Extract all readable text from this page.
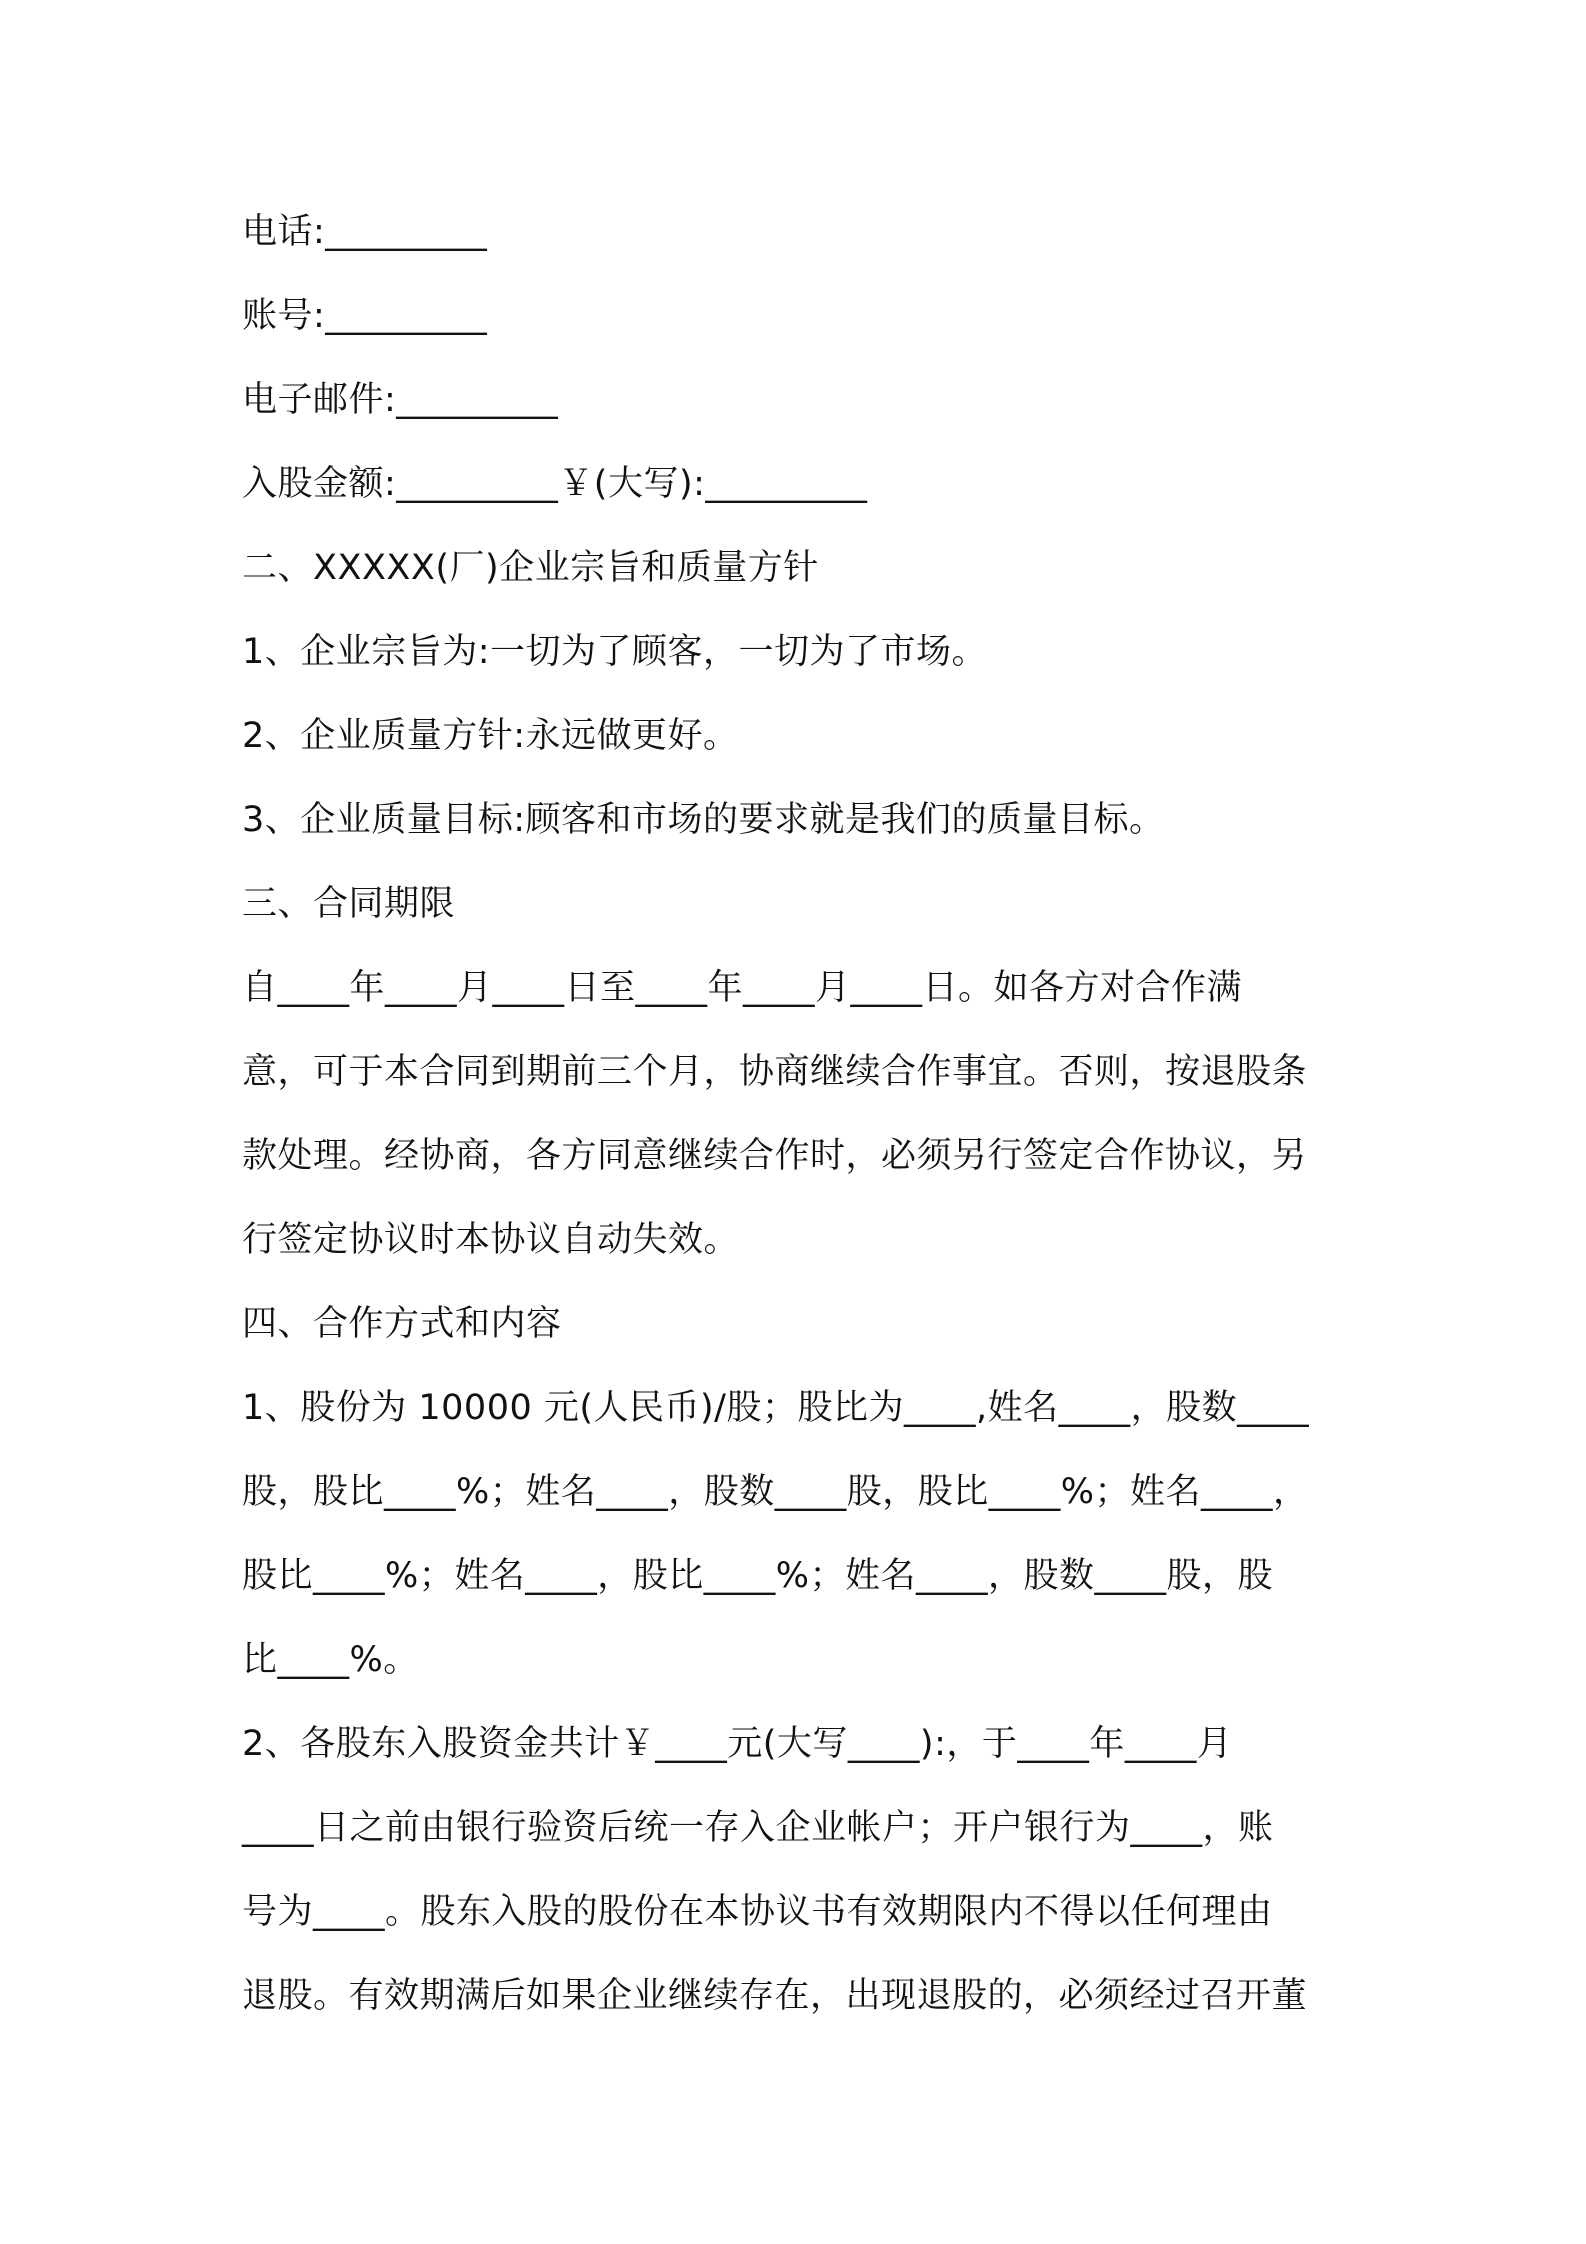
电话:_________
账号:_________
电子邮件:_________
入股金额:_________￥(大写):_________
二、XXXXX(厂)企业宗旨和质量方针
1、企业宗旨为:一切为了顾客，一切为了市场。
2、企业质量方针:永远做更好。
3、企业质量目标:顾客和市场的要求就是我们的质量目标。
三、合同期限
自____年____月____日至____年____月____日。如各方对合作满
意，可于本合同到期前三个月，协商继续合作事宜。否则，按退股条
款处理。经协商，各方同意继续合作时，必须另行签定合作协议，另
行签定协议时本协议自动失效。
四、合作方式和内容
1、股份为 10000 元(人民币)/股；股比为____,姓名____，股数____
股，股比____%；姓名____，股数____股，股比____%；姓名____，
股比____%；姓名____，股比____%；姓名____，股数____股，股
比____%。
2、各股东入股资金共计￥____元(大写____):，于____年____月
____日之前由银行验资后统一存入企业帐户；开户银行为____，账
号为____。股东入股的股份在本协议书有效期限内不得以任何理由
退股。有效期满后如果企业继续存在，出现退股的，必须经过召开董
